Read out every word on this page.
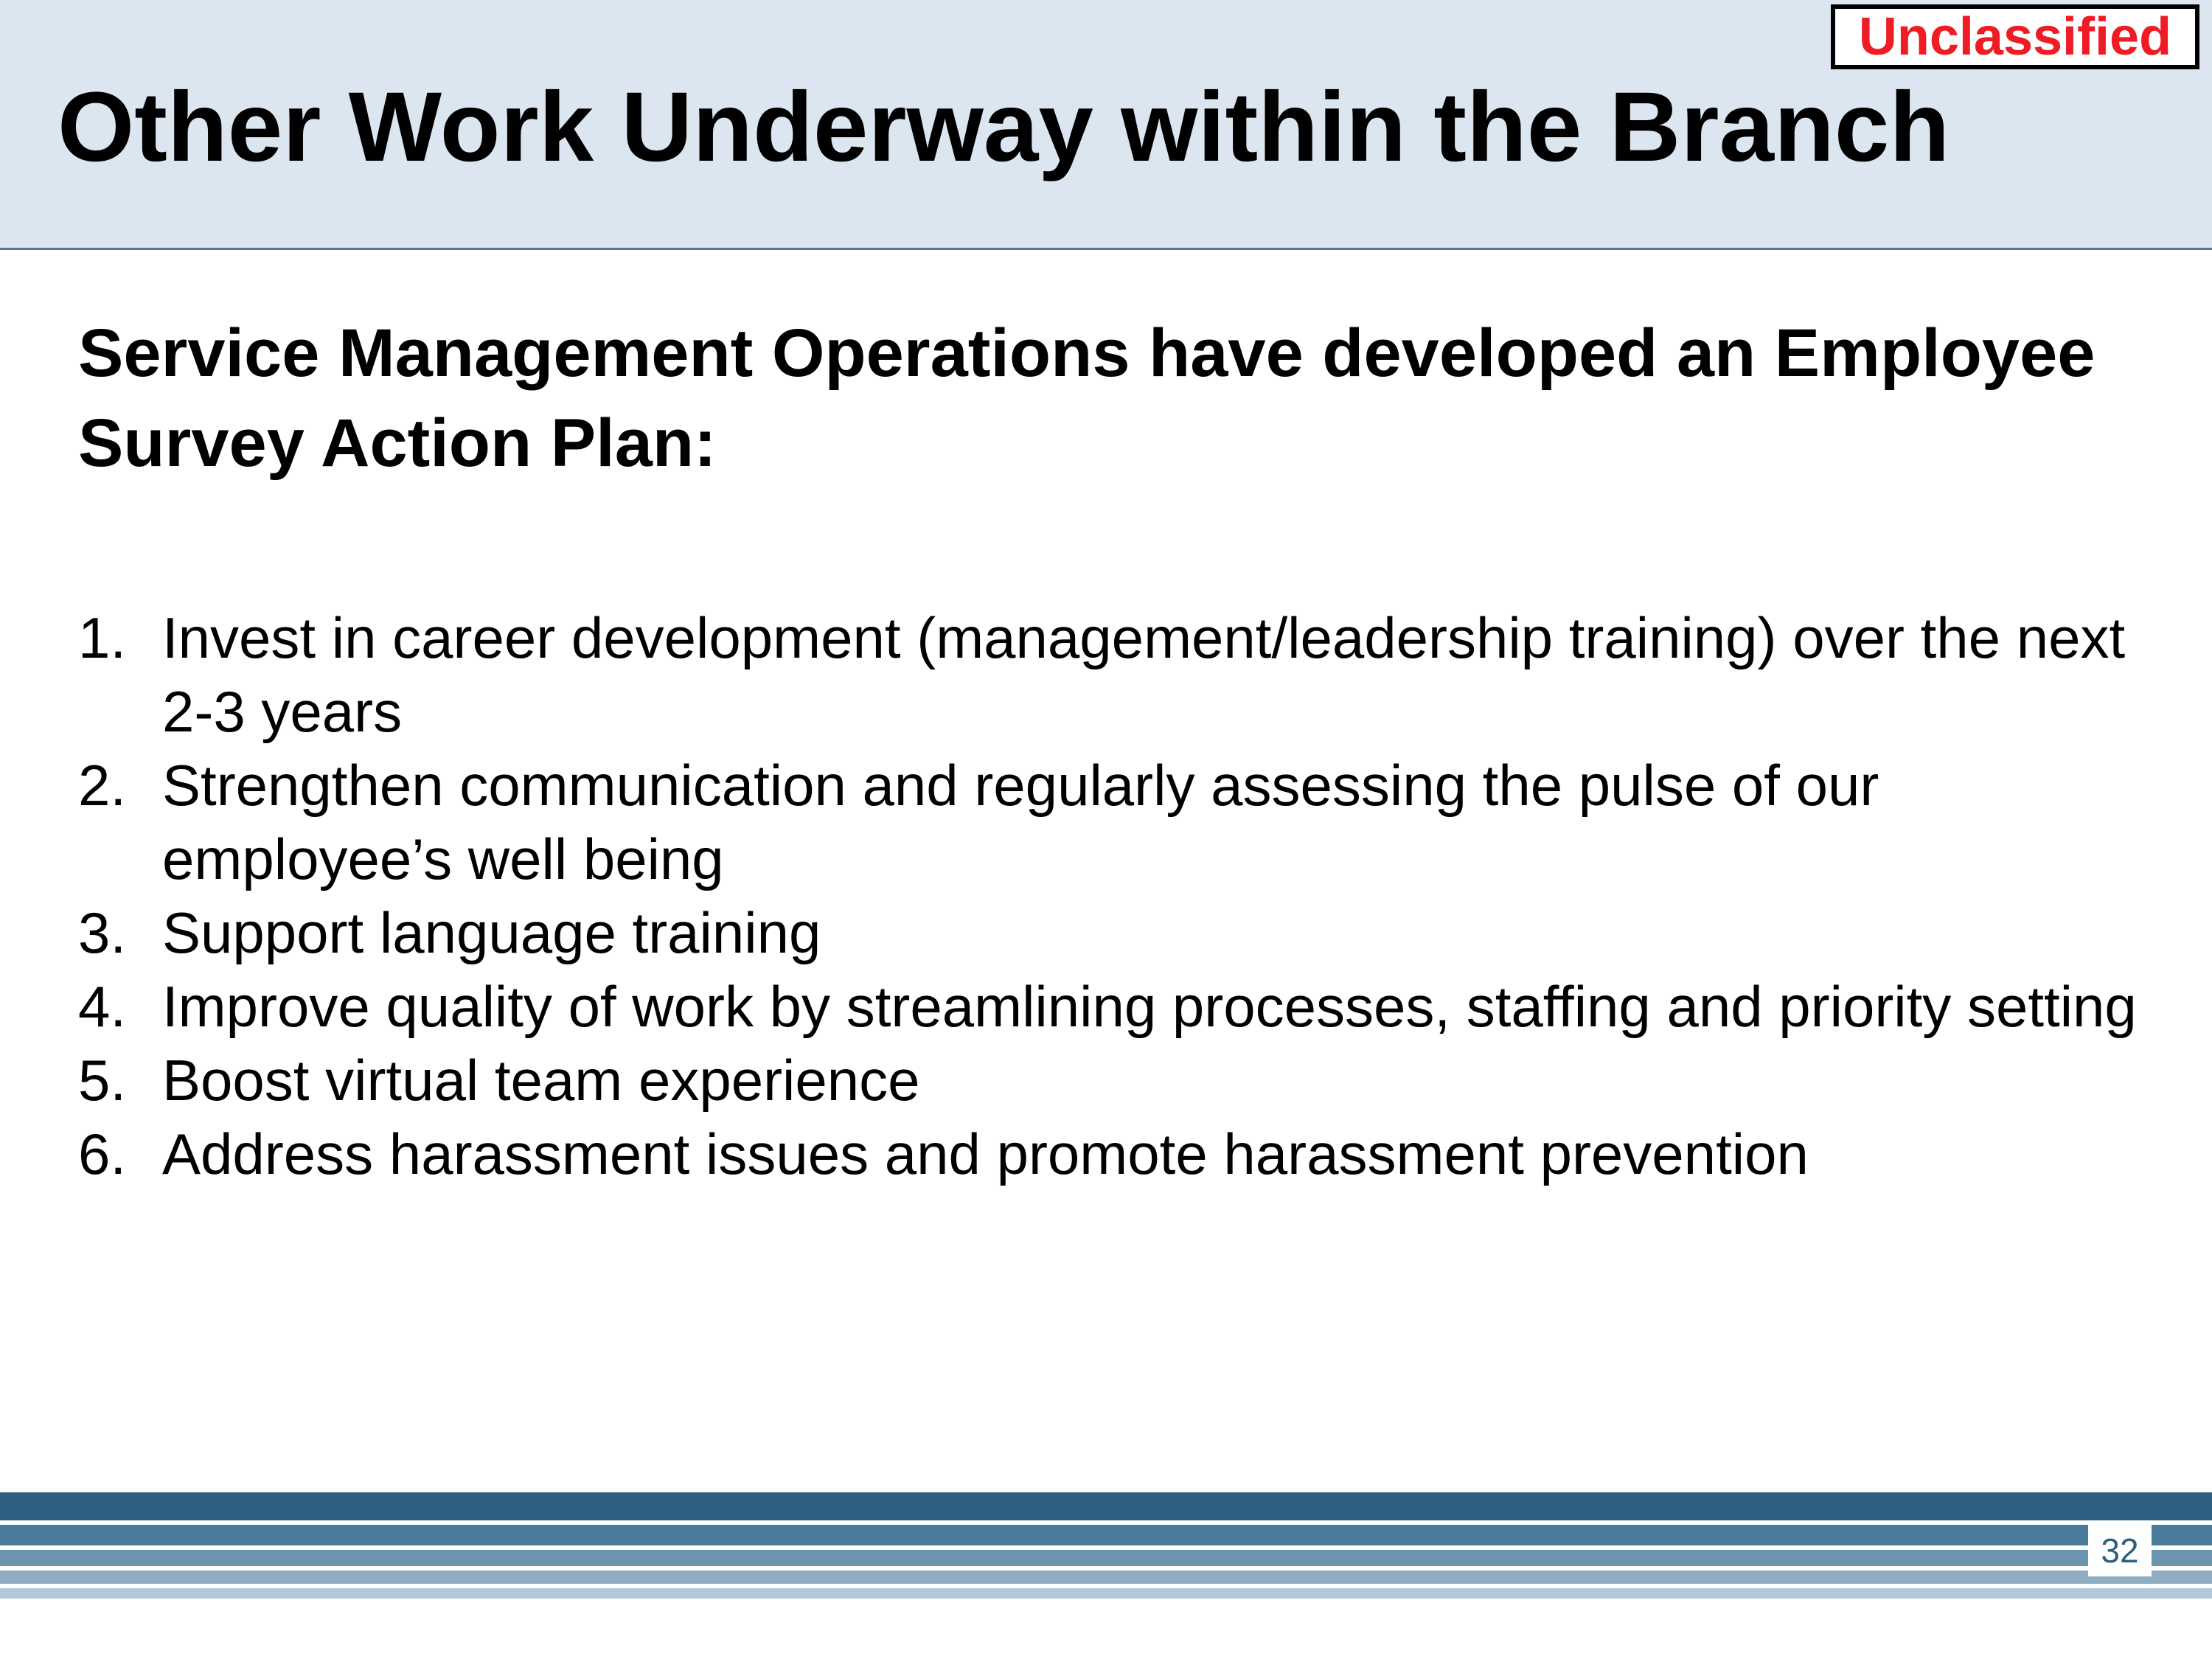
Unclassified
Other Work Underway within the Branch

Service Management Operations have developed an Employee Survey Action Plan:

1. Invest in career development (management/leadership training) over the next 2-3 years
2. Strengthen communication and regularly assessing the pulse of our employee’s well being
3. Support language training
4. Improve quality of work by streamlining processes, staffing and priority setting
5. Boost virtual team experience
6. Address harassment issues and promote harassment prevention
32
